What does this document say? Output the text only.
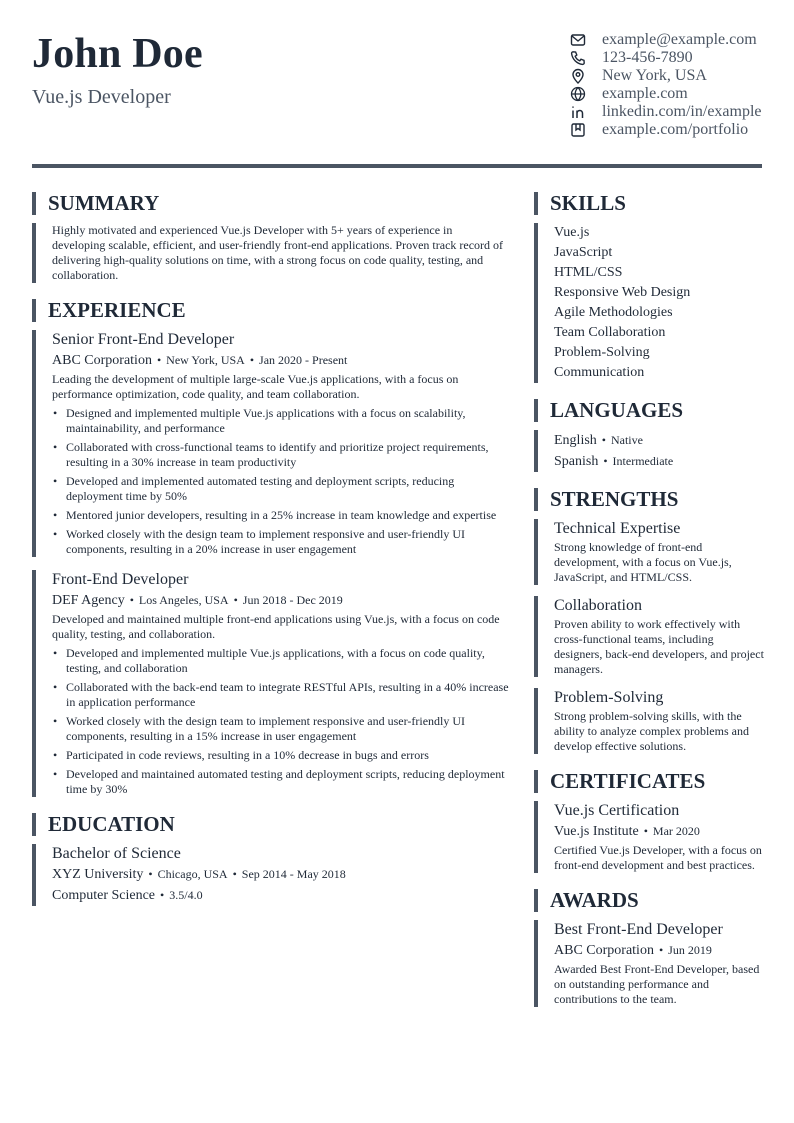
John Doe
Vue.js Developer
example@example.com
123-456-7890
New York, USA
example.com
linkedin.com/in/example
example.com/portfolio
SUMMARY
Highly motivated and experienced Vue.js Developer with 5+ years of experience in developing scalable, efficient, and user-friendly front-end applications. Proven track record of delivering high-quality solutions on time, with a strong focus on code quality, testing, and collaboration.
EXPERIENCE
Senior Front-End Developer
ABC Corporation • New York, USA • Jan 2020 - Present
Leading the development of multiple large-scale Vue.js applications, with a focus on performance optimization, code quality, and team collaboration.
• Designed and implemented multiple Vue.js applications with a focus on scalability, maintainability, and performance
• Collaborated with cross-functional teams to identify and prioritize project requirements, resulting in a 30% increase in team productivity
• Developed and implemented automated testing and deployment scripts, reducing deployment time by 50%
• Mentored junior developers, resulting in a 25% increase in team knowledge and expertise
• Worked closely with the design team to implement responsive and user-friendly UI components, resulting in a 20% increase in user engagement
Front-End Developer
DEF Agency • Los Angeles, USA • Jun 2018 - Dec 2019
Developed and maintained multiple front-end applications using Vue.js, with a focus on code quality, testing, and collaboration.
• Developed and implemented multiple Vue.js applications, with a focus on code quality, testing, and collaboration
• Collaborated with the back-end team to integrate RESTful APIs, resulting in a 40% increase in application performance
• Worked closely with the design team to implement responsive and user-friendly UI components, resulting in a 15% increase in user engagement
• Participated in code reviews, resulting in a 10% decrease in bugs and errors
• Developed and maintained automated testing and deployment scripts, reducing deployment time by 30%
EDUCATION
Bachelor of Science
XYZ University • Chicago, USA • Sep 2014 - May 2018
Computer Science • 3.5/4.0
SKILLS
Vue.js
JavaScript
HTML/CSS
Responsive Web Design
Agile Methodologies
Team Collaboration
Problem-Solving
Communication
LANGUAGES
English • Native
Spanish • Intermediate
STRENGTHS
Technical Expertise
Strong knowledge of front-end development, with a focus on Vue.js, JavaScript, and HTML/CSS.
Collaboration
Proven ability to work effectively with cross-functional teams, including designers, back-end developers, and project managers.
Problem-Solving
Strong problem-solving skills, with the ability to analyze complex problems and develop effective solutions.
CERTIFICATES
Vue.js Certification
Vue.js Institute • Mar 2020
Certified Vue.js Developer, with a focus on front-end development and best practices.
AWARDS
Best Front-End Developer
ABC Corporation • Jun 2019
Awarded Best Front-End Developer, based on outstanding performance and contributions to the team.
